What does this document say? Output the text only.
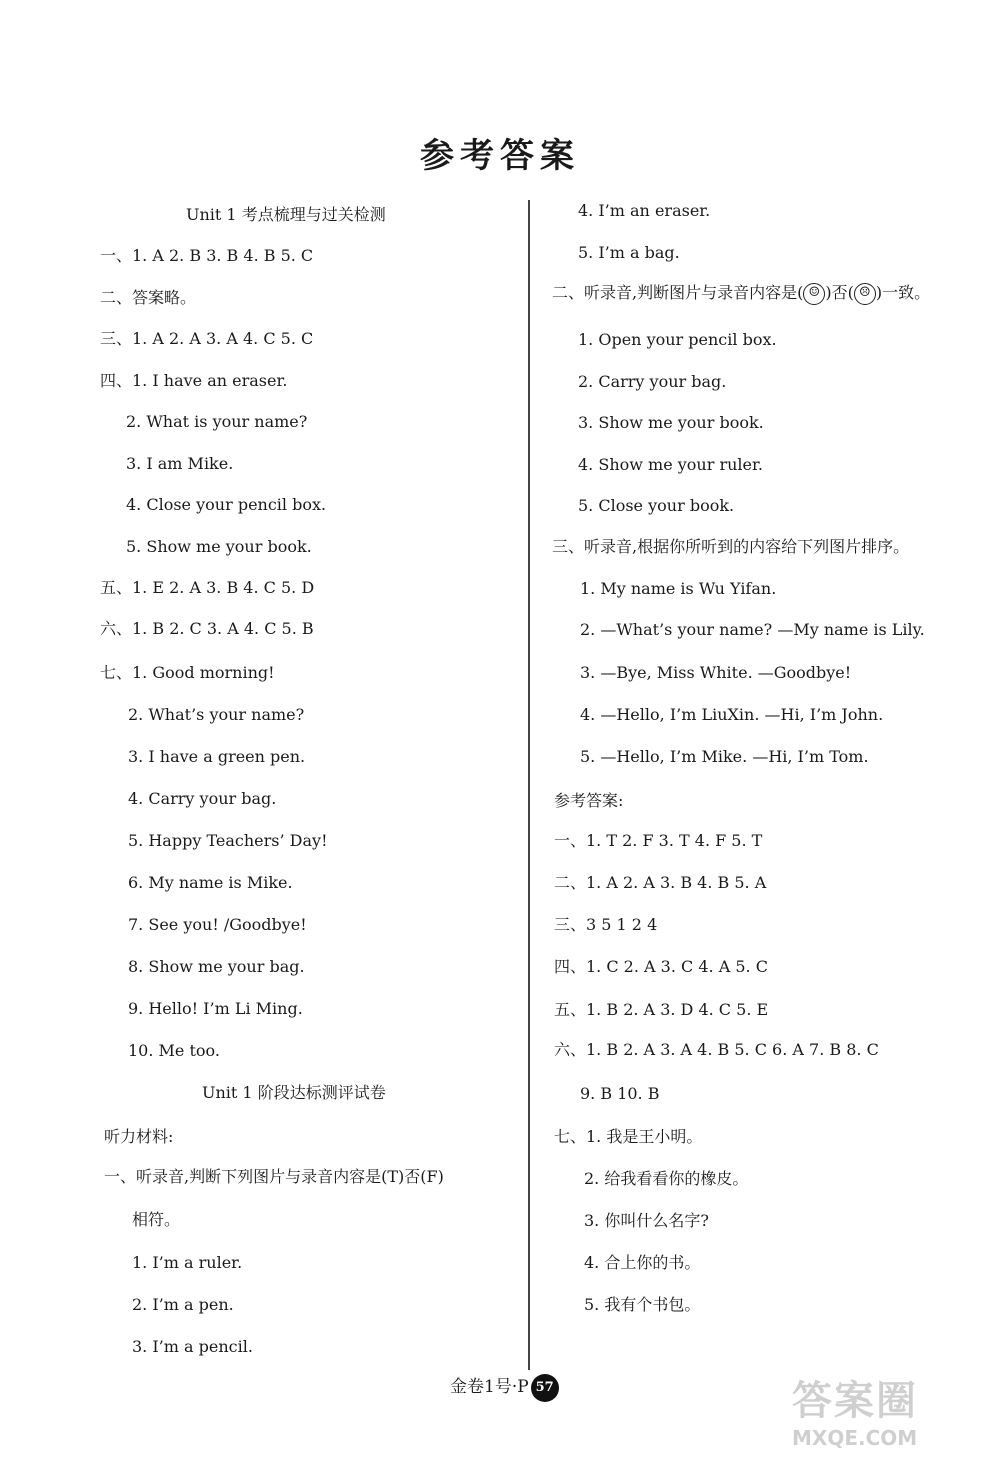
参考答案
Unit 1 考点梳理与过关检测
一、1. A 2. B 3. B 4. B 5. C
二、答案略。
三、1. A 2. A 3. A 4. C 5. C
四、1. I have an eraser.
2. What is your name?
3. I am Mike.
4. Close your pencil box.
5. Show me your book.
五、1. E 2. A 3. B 4. C 5. D
六、1. B 2. C 3. A 4. C 5. B
七、1. Good morning!
2. What’s your name?
3. I have a green pen.
4. Carry your bag.
5. Happy Teachers’ Day!
6. My name is Mike.
7. See you! /Goodbye!
8. Show me your bag.
9. Hello! I’m Li Ming.
10. Me too.
Unit 1 阶段达标测评试卷
听力材料:
一、听录音,判断下列图片与录音内容是(T)否(F)
相符。
1. I’m a ruler.
2. I’m a pen.
3. I’m a pencil.
4. I’m an eraser.
5. I’m a bag.
二、听录音,判断图片与录音内容是( ☺ )否( ☹ )一致。
1. Open your pencil box.
2. Carry your bag.
3. Show me your book.
4. Show me your ruler.
5. Close your book.
三、听录音,根据你所听到的内容给下列图片排序。
1. My name is Wu Yifan.
2. —What’s your name? —My name is Lily.
3. —Bye, Miss White. —Goodbye!
4. —Hello, I’m LiuXin. —Hi, I’m John.
5. —Hello, I’m Mike. —Hi, I’m Tom.
参考答案:
一、1. T 2. F 3. T 4. F 5. T
二、1. A 2. A 3. B 4. B 5. A
三、3 5 1 2 4
四、1. C 2. A 3. C 4. A 5. C
五、1. B 2. A 3. D 4. C 5. E
六、1. B 2. A 3. A 4. B 5. C 6. A 7. B 8. C
9. B 10. B
七、1. 我是王小明。
2. 给我看看你的橡皮。
3. 你叫什么名字?
4. 合上你的书。
5. 我有个书包。
金卷1号·P 57	答案圈
MXQE.COM
